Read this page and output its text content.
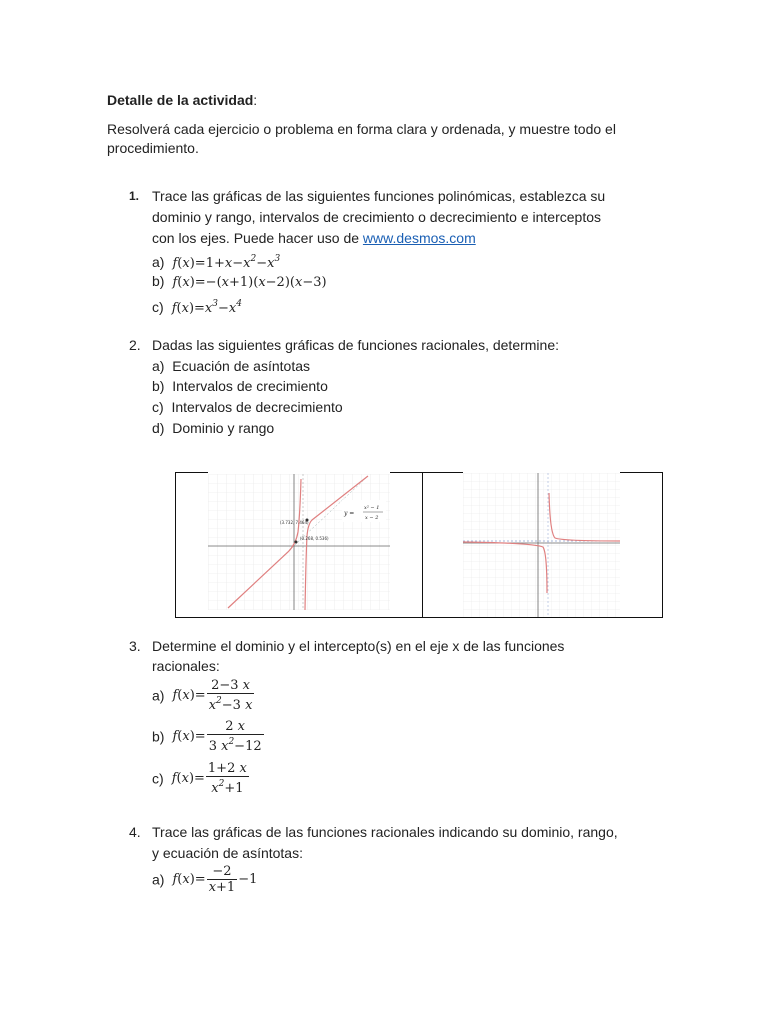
Detalle de la actividad:
Resolverá cada ejercicio o problema en forma clara y ordenada, y muestre todo el procedimiento.
1. Trace las gráficas de las siguientes funciones polinómicas, establezca su
dominio y rango, intervalos de crecimiento o decrecimiento e interceptos
con los ejes. Puede hacer uso de www.desmos.com
a)  $f(x)=1+x-x^2-x^3$
b)  f(x)=−(x+1)(x−2)(x−3)
c)  $f(x)=x^3-x^4$
2. Dadas las siguientes gráficas de funciones racionales, determine:
a) Ecuación de asíntotas
b) Intervalos de crecimiento
c) Intervalos de decrecimiento
d) Dominio y rango
(3.732, 7.464)
(0.268, 0.536)
y =
x² − 1
x − 2
3. Determine el dominio y el intercepto(s) en el eje x de las funciones
racionales:
a)  $f(x)= \frac{2-3 x}{x^2-3 x}$
b)  $f(x)= \frac{2 x}{3 x^2-12}$
c)  $f(x)= \frac{1+2 x}{x^2+1}$
4. Trace las gráficas de las funciones racionales indicando su dominio, rango,
y ecuación de asíntotas:
a)  $f(x)= \frac{-2}{x+1} -1$
